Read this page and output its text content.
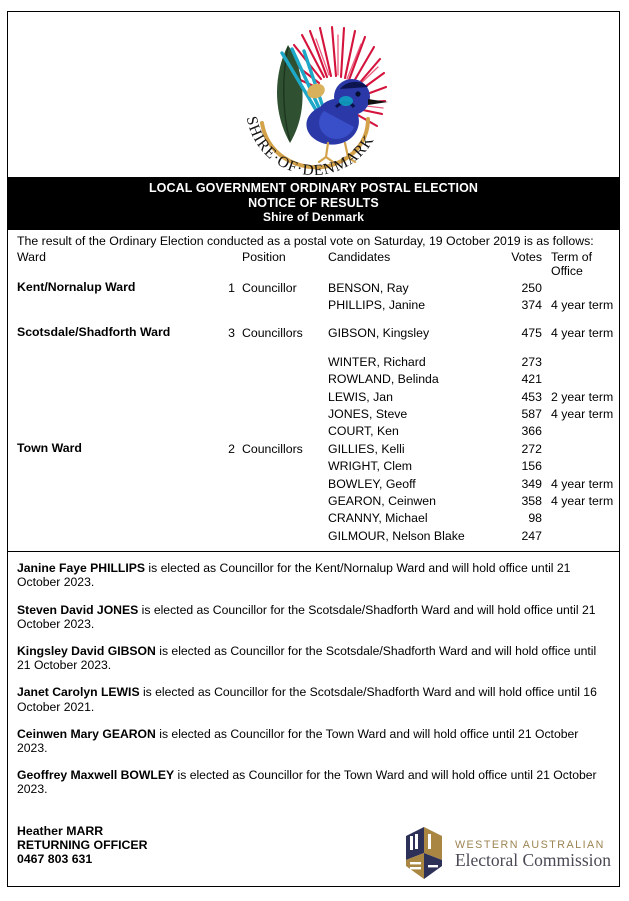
SHIRE·OF·DENMARK
LOCAL GOVERNMENT ORDINARY POSTAL ELECTION
NOTICE OF RESULTS
Shire of Denmark
The result of the Ordinary Election conducted as a postal vote on Saturday, 19 October 2019 is as follows:
Ward		Position	Candidates	Votes	Term of Office
Kent/Nornalup Ward	1	Councillor	BENSON, Ray	250	
			PHILLIPS, Janine	374	4 year term

Scotsdale/Shadforth Ward	3	Councillors	GIBSON, Kingsley	475	4 year term

			WINTER, Richard	273	
			ROWLAND, Belinda	421	
			LEWIS, Jan	453	2 year term
			JONES, Steve	587	4 year term
			COURT, Ken	366	
Town Ward	2	Councillors	GILLIES, Kelli	272	
			WRIGHT, Clem	156	
			BOWLEY, Geoff	349	4 year term
			GEARON, Ceinwen	358	4 year term
			CRANNY, Michael	98	
			GILMOUR, Nelson Blake	247	

Janine Faye PHILLIPS is elected as Councillor for the Kent/Nornalup Ward and will hold office until 21 October 2023.

Steven David JONES is elected as Councillor for the Scotsdale/Shadforth Ward and will hold office until 21 October 2023.

Kingsley David GIBSON is elected as Councillor for the Scotsdale/Shadforth Ward and will hold office until 21 October 2023.

Janet Carolyn LEWIS is elected as Councillor for the Scotsdale/Shadforth Ward and will hold office until 16 October 2021.

Ceinwen Mary GEARON is elected as Councillor for the Town Ward and will hold office until 21 October 2023.

Geoffrey Maxwell BOWLEY is elected as Councillor for the Town Ward and will hold office until 21 October 2023.

Heather MARR
RETURNING OFFICER
0467 803 631
WESTERN AUSTRALIAN
Electoral Commission
